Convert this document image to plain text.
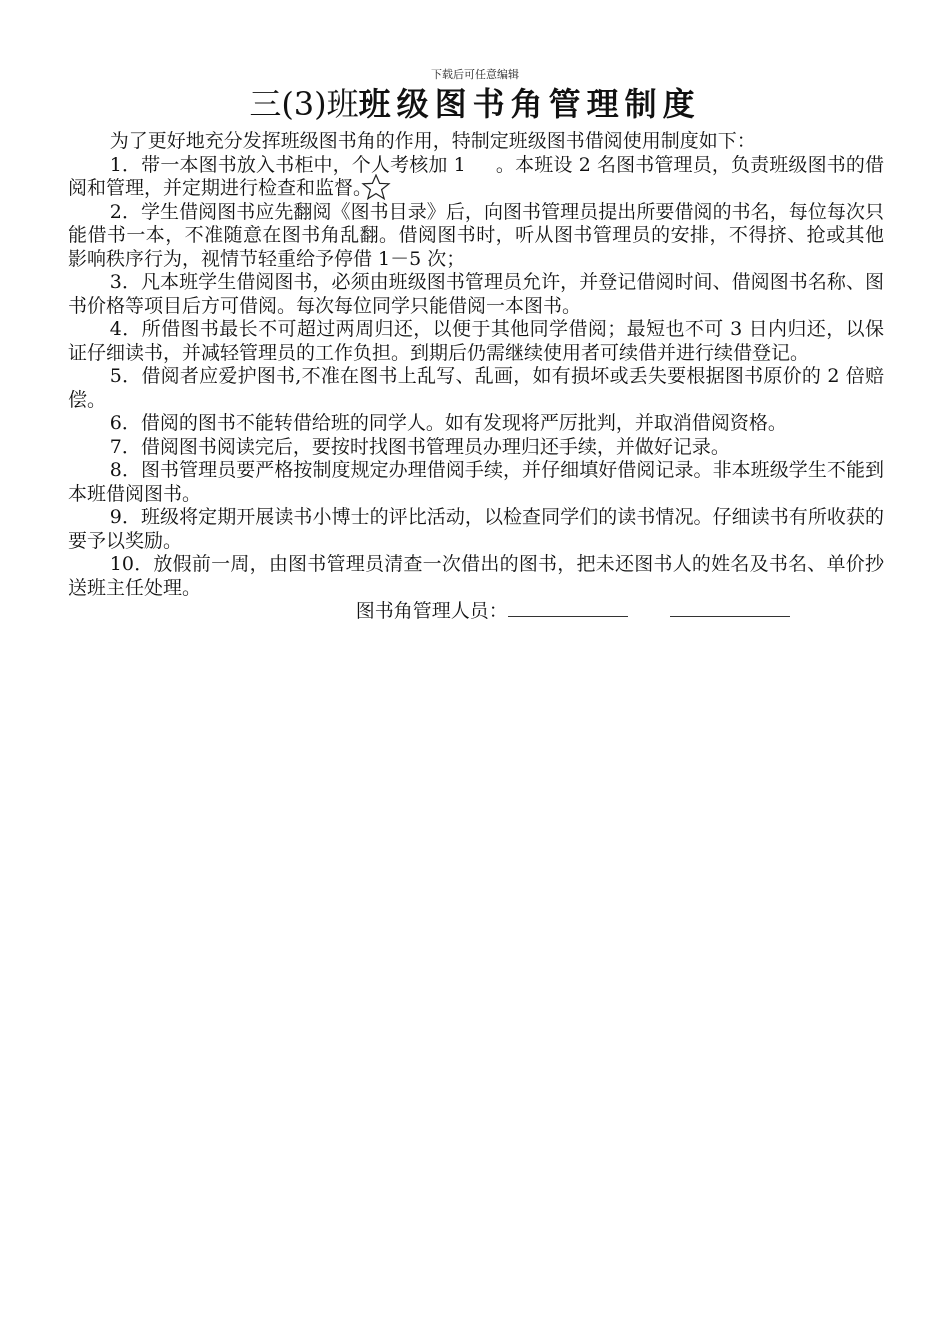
下载后可任意编辑
三(3)班班级图书角管理制度

为了更好地充分发挥班级图书角的作用，特制定班级图书借阅使用制度如下：

1．带一本图书放入书柜中，个人考核加 1 。本班设 2 名图书管理员，负责班级图书的借阅和管理，并定期进行检查和监督。

2．学生借阅图书应先翻阅《图书目录》后，向图书管理员提出所要借阅的书名，每位每次只能借书一本，不准随意在图书角乱翻。借阅图书时，听从图书管理员的安排，不得挤、抢或其他影响秩序行为，视情节轻重给予停借 1－5 次；

3．凡本班学生借阅图书，必须由班级图书管理员允许，并登记借阅时间、借阅图书名称、图书价格等项目后方可借阅。每次每位同学只能借阅一本图书。

4．所借图书最长不可超过两周归还，以便于其他同学借阅；最短也不可 3 日内归还，以保证仔细读书，并减轻管理员的工作负担。到期后仍需继续使用者可续借并进行续借登记。

5．借阅者应爱护图书,不准在图书上乱写、乱画，如有损坏或丢失要根据图书原价的 2 倍赔偿。

6．借阅的图书不能转借给班的同学人。如有发现将严厉批判，并取消借阅资格。

7．借阅图书阅读完后，要按时找图书管理员办理归还手续，并做好记录。

8．图书管理员要严格按制度规定办理借阅手续，并仔细填好借阅记录。非本班级学生不能到本班借阅图书。

9．班级将定期开展读书小博士的评比活动，以检查同学们的读书情况。仔细读书有所收获的要予以奖励。

10．放假前一周，由图书管理员清查一次借出的图书，把未还图书人的姓名及书名、单价抄送班主任处理。

图书角管理人员：
